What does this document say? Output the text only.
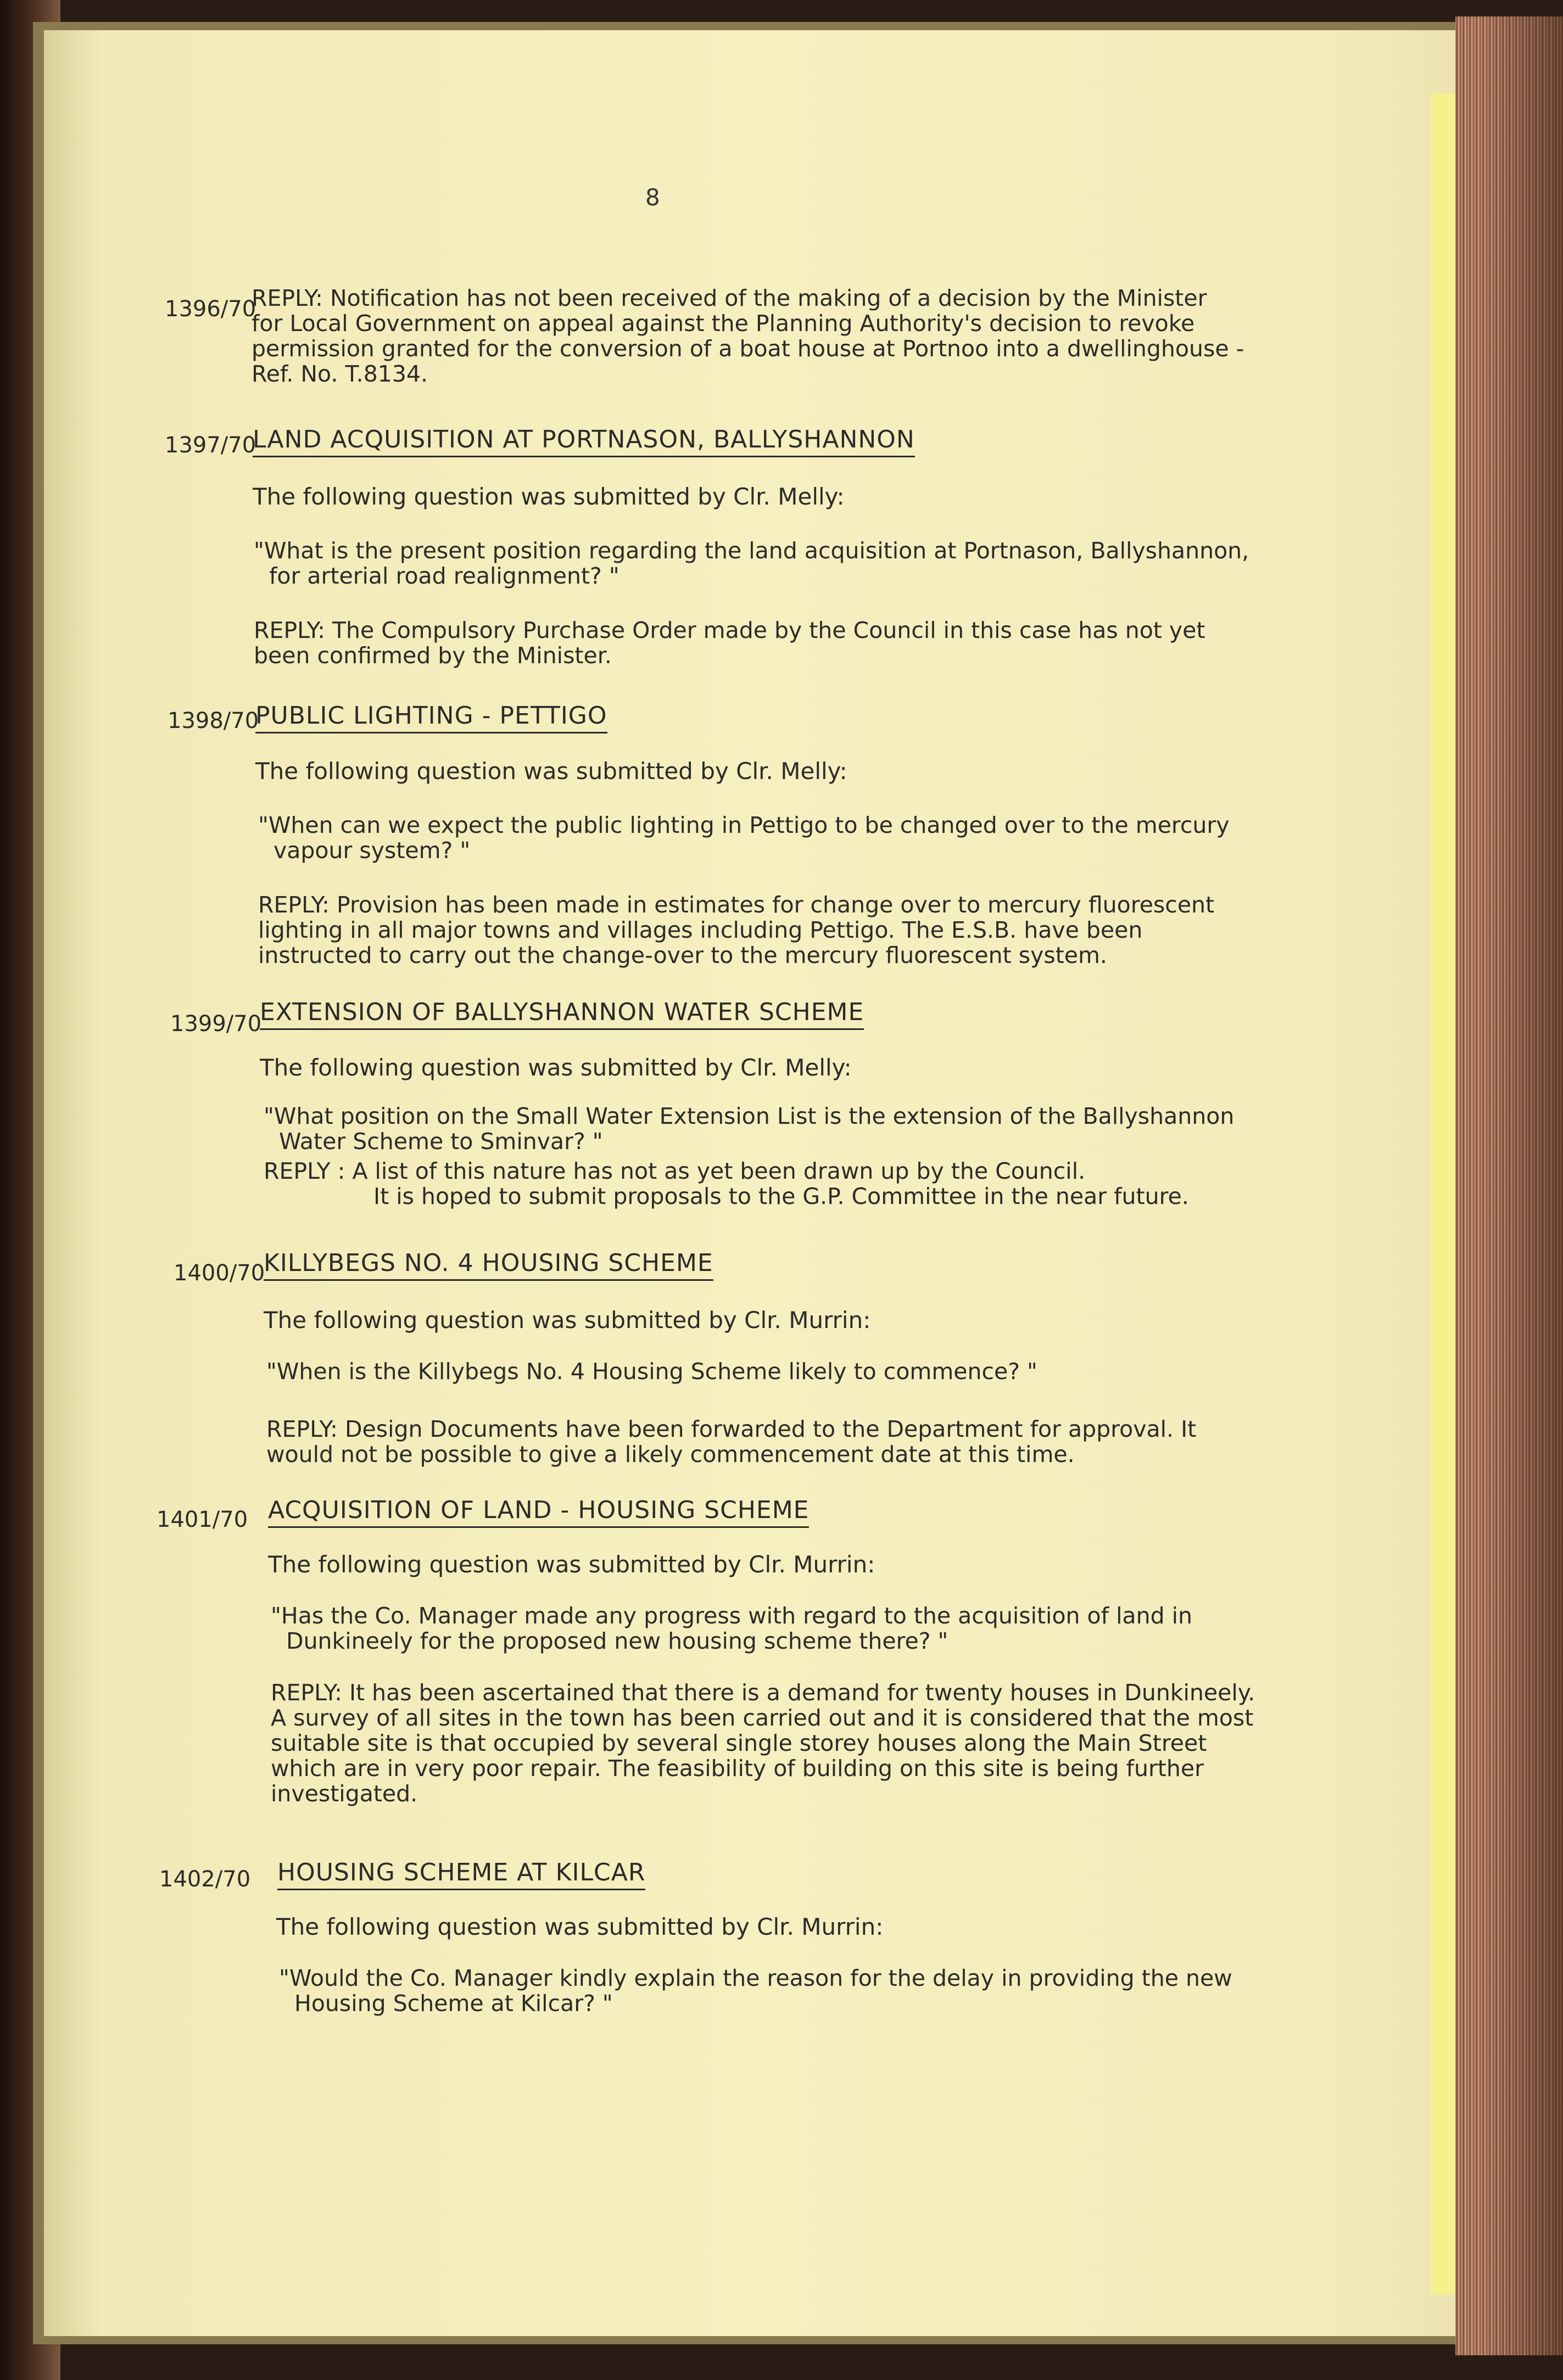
8
1396/70
REPLY: Notification has not been received of the making of a decision by the Minister
for Local Government on appeal against the Planning Authority's decision to revoke
permission granted for the conversion of a boat house at Portnoo into a dwellinghouse -
Ref. No. T.8134.
1397/70
LAND ACQUISITION AT PORTNASON, BALLYSHANNON
The following question was submitted by Clr. Melly:
"What is the present position regarding the land acquisition at Portnason, Ballyshannon,
for arterial road realignment? "
REPLY: The Compulsory Purchase Order made by the Council in this case has not yet
been confirmed by the Minister.
1398/70
PUBLIC LIGHTING - PETTIGO
The following question was submitted by Clr. Melly:
"When can we expect the public lighting in Pettigo to be changed over to the mercury
vapour system? "
REPLY: Provision has been made in estimates for change over to mercury fluorescent
lighting in all major towns and villages including Pettigo. The E.S.B. have been
instructed to carry out the change-over to the mercury fluorescent system.
1399/70
EXTENSION OF BALLYSHANNON WATER SCHEME
The following question was submitted by Clr. Melly:
"What position on the Small Water Extension List is the extension of the Ballyshannon
Water Scheme to Sminvar? "
REPLY : A list of this nature has not as yet been drawn up by the Council.
It is hoped to submit proposals to the G.P. Committee in the near future.
1400/70
KILLYBEGS NO. 4 HOUSING SCHEME
The following question was submitted by Clr. Murrin:
"When is the Killybegs No. 4 Housing Scheme likely to commence? "
REPLY: Design Documents have been forwarded to the Department for approval. It
would not be possible to give a likely commencement date at this time.
1401/70 ACQUISITION OF LAND - HOUSING SCHEME
The following question was submitted by Clr. Murrin:
"Has the Co. Manager made any progress with regard to the acquisition of land in
Dunkineely for the proposed new housing scheme there? "
REPLY: It has been ascertained that there is a demand for twenty houses in Dunkineely.
A survey of all sites in the town has been carried out and it is considered that the most
suitable site is that occupied by several single storey houses along the Main Street
which are in very poor repair. The feasibility of building on this site is being further
investigated.
1402/70 HOUSING SCHEME AT KILCAR
The following question was submitted by Clr. Murrin:
"Would the Co. Manager kindly explain the reason for the delay in providing the new
Housing Scheme at Kilcar? "
